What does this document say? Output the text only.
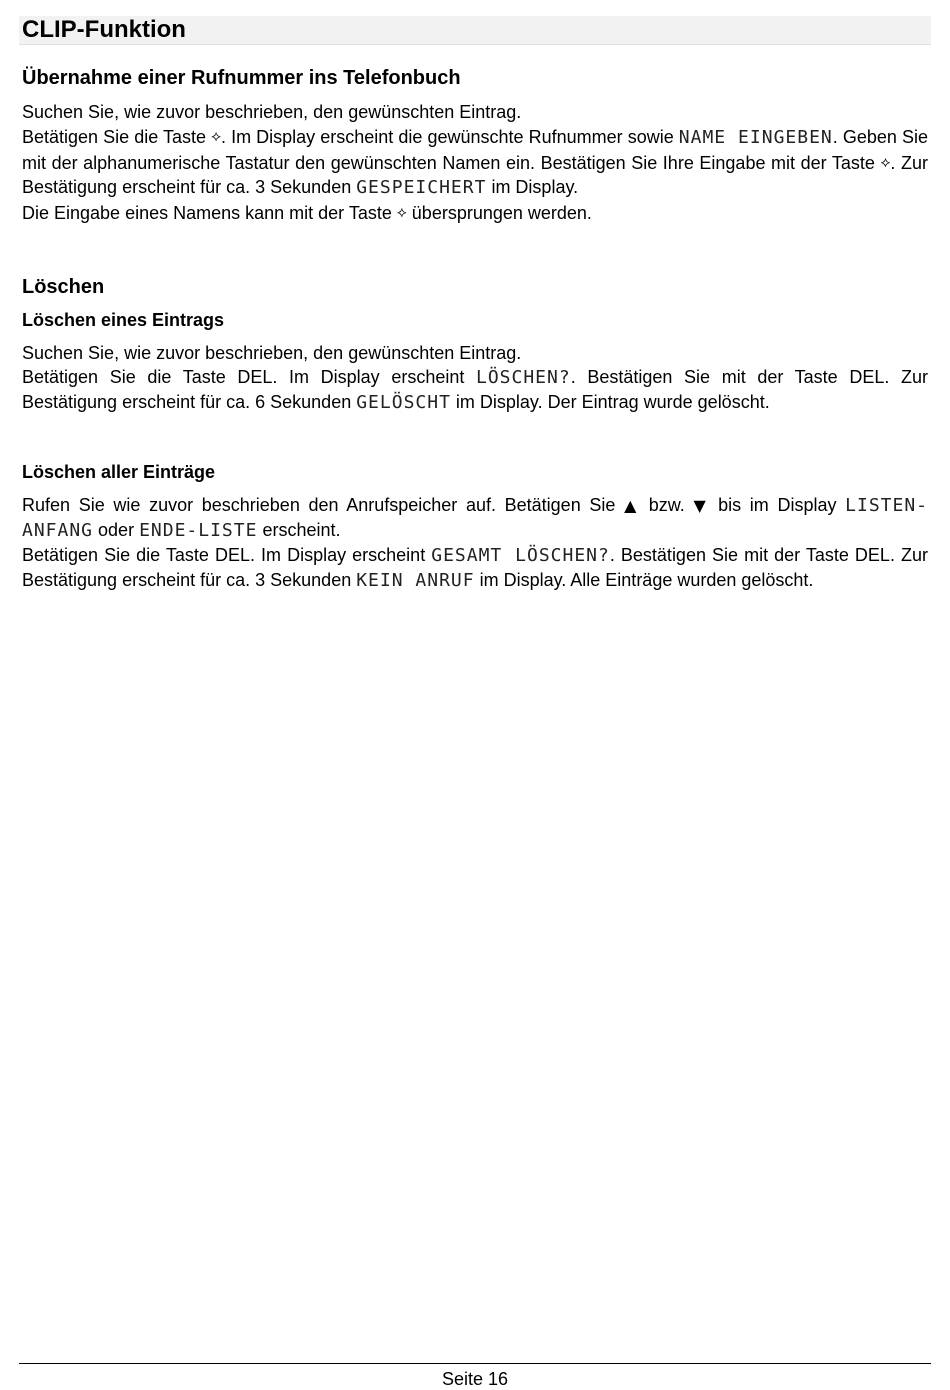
CLIP-Funktion
Übernahme einer Rufnummer ins Telefonbuch

Suchen Sie, wie zuvor beschrieben, den gewünschten Eintrag.

Betätigen Sie die Taste ⟡. Im Display erscheint die gewünschte Rufnummer sowie NAME EINGEBEN. Geben Sie mit der alphanumerische Tastatur den gewünschten Namen ein. Bestätigen Sie Ihre Eingabe mit der Taste ⟡. Zur Bestätigung erscheint für ca. 3 Sekunden GESPEICHERT im Display.

Die Eingabe eines Namens kann mit der Taste ⟡ übersprungen werden.

Löschen
Löschen eines Eintrags

Suchen Sie, wie zuvor beschrieben, den gewünschten Eintrag.

Betätigen Sie die Taste DEL. Im Display erscheint LÖSCHEN?. Bestätigen Sie mit der Taste DEL. Zur Bestätigung erscheint für ca. 6 Sekunden GELÖSCHT im Display. Der Eintrag wurde gelöscht.

Löschen aller Einträge

Rufen Sie wie zuvor beschrieben den Anrufspeicher auf. Betätigen Sie ▲ bzw. ▼ bis im Display LISTEN-ANFANG oder ENDE-LISTE erscheint.

Betätigen Sie die Taste DEL. Im Display erscheint GESAMT LÖSCHEN?. Bestätigen Sie mit der Taste DEL. Zur Bestätigung erscheint für ca. 3 Sekunden KEIN ANRUF im Display. Alle Einträge wurden gelöscht.

Seite 16
